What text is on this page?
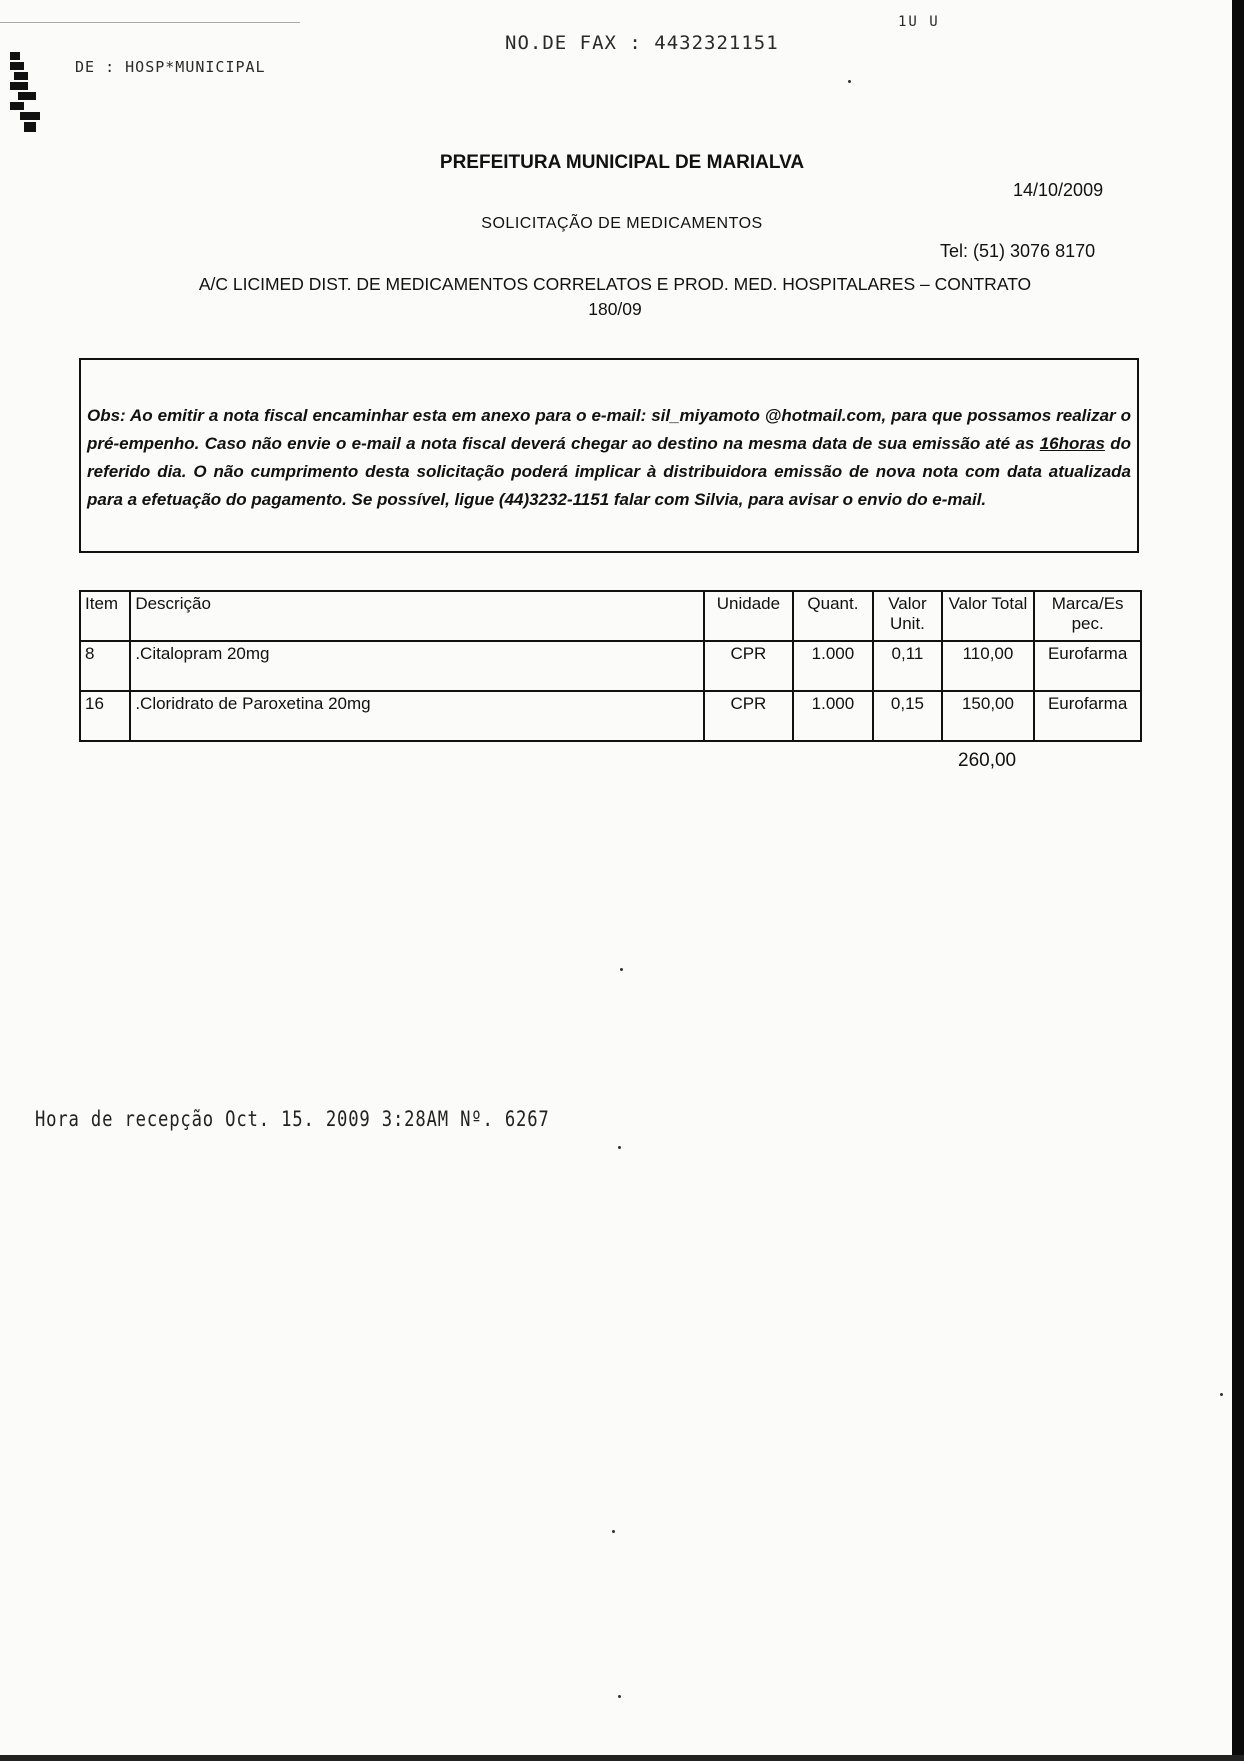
DE : HOSP*MUNICIPAL
NO.DE FAX : 4432321151
1U U
PREFEITURA MUNICIPAL DE MARIALVA
14/10/2009
SOLICITAÇÃO DE MEDICAMENTOS
Tel: (51) 3076 8170
A/C LICIMED DIST. DE MEDICAMENTOS CORRELATOS E PROD. MED. HOSPITALARES – CONTRATO
180/09
Obs: Ao emitir a nota fiscal encaminhar esta em anexo para o e-mail: sil_miyamoto @hotmail.com, para que possamos realizar o pré-empenho. Caso não envie o e-mail a nota fiscal deverá chegar ao destino na mesma data de sua emissão até as 16horas do referido dia. O não cumprimento desta solicitação poderá implicar à distribuidora emissão de nova nota com data atualizada para a efetuação do pagamento. Se possível, ligue (44)3232-1151 falar com Silvia, para avisar o envio do e-mail.
Item	Descrição	Unidade	Quant.	Valor Unit.	Valor Total	Marca/Es pec.
8	.Citalopram 20mg	CPR	1.000	0,11	110,00	Eurofarma
16	.Cloridrato de Paroxetina 20mg	CPR	1.000	0,15	150,00	Eurofarma
260,00
Hora de recepção Oct. 15. 2009 3:28AM Nº. 6267
